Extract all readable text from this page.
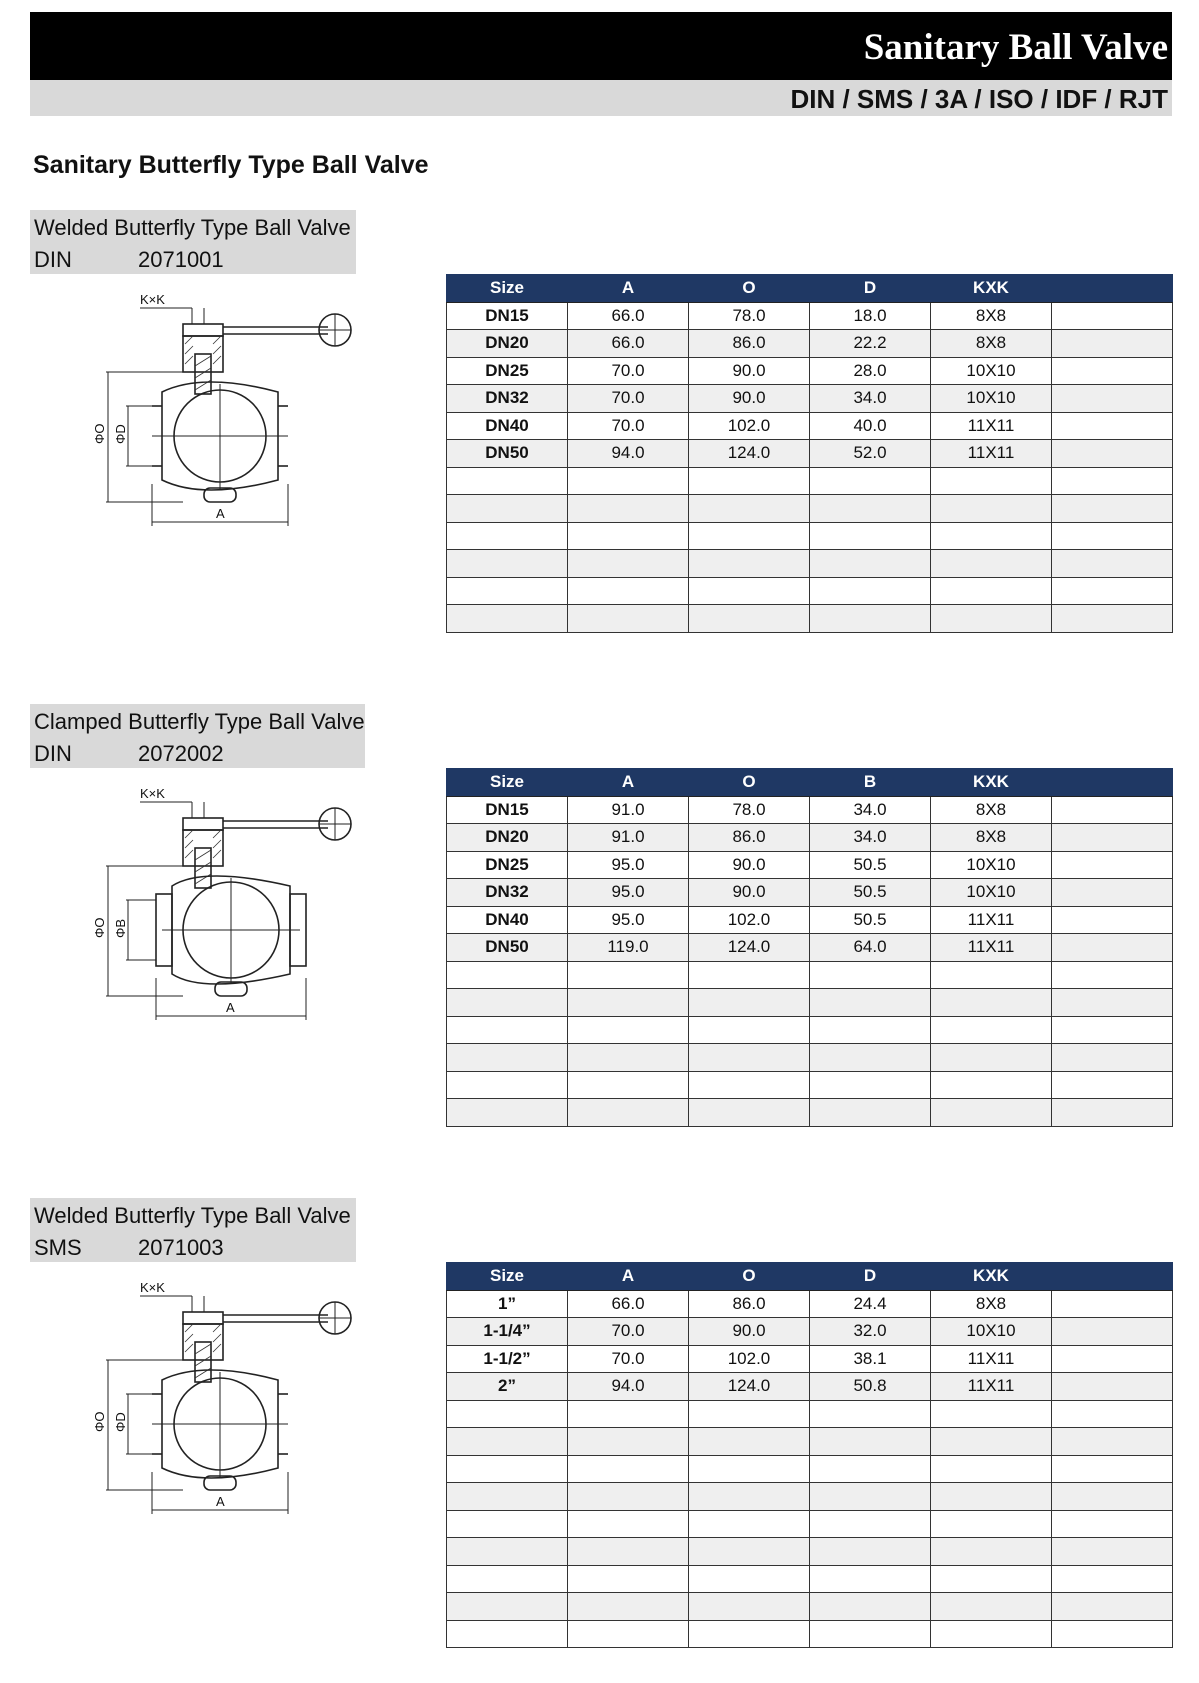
Sanitary Ball Valve
DIN / SMS / 3A / ISO / IDF / RJT
Sanitary Butterfly Type Ball Valve
Welded Butterfly Type Ball Valve
DIN	2071001
K×K
ΦO ΦD
A
Size	A	O	D	KXK	
DN15	66.0	78.0	18.0	8X8	
DN20	66.0	86.0	22.2	8X8	
DN25	70.0	90.0	28.0	10X10	
DN32	70.0	90.0	34.0	10X10	
DN40	70.0	102.0	40.0	11X11	
DN50	94.0	124.0	52.0	11X11	

Clamped Butterfly Type Ball Valve
DIN	2072002
K×K
ΦO ΦB
A
Size	A	O	B	KXK	
DN15	91.0	78.0	34.0	8X8	
DN20	91.0	86.0	34.0	8X8	
DN25	95.0	90.0	50.5	10X10	
DN32	95.0	90.0	50.5	10X10	
DN40	95.0	102.0	50.5	11X11	
DN50	119.0	124.0	64.0	11X11	

Welded Butterfly Type Ball Valve
SMS	2071003
K×K
ΦO ΦD
A
Size	A	O	D	KXK	
1”	66.0	86.0	24.4	8X8	
1-1/4”	70.0	90.0	32.0	10X10	
1-1/2”	70.0	102.0	38.1	11X11	
2”	94.0	124.0	50.8	11X11	
